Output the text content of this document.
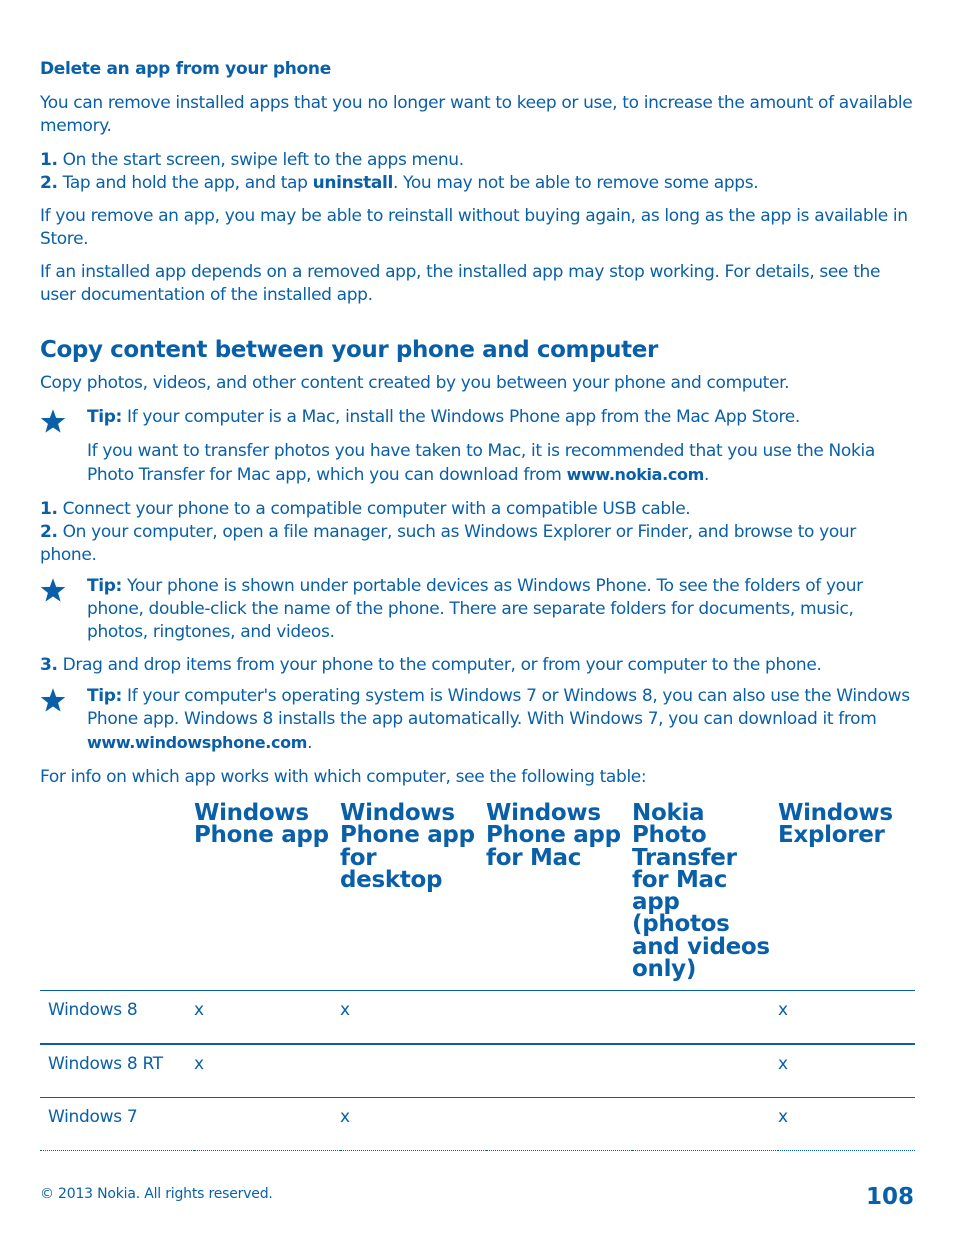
Delete an app from your phone

You can remove installed apps that you no longer want to keep or use, to increase the amount of available memory.

1. On the start screen, swipe left to the apps menu.

2. Tap and hold the app, and tap uninstall. You may not be able to remove some apps.

If you remove an app, you may be able to reinstall without buying again, as long as the app is available in Store.

If an installed app depends on a removed app, the installed app may stop working. For details, see the user documentation of the installed app.

Copy content between your phone and computer

Copy photos, videos, and other content created by you between your phone and computer.

Tip: If your computer is a Mac, install the Windows Phone app from the Mac App Store.

If you want to transfer photos you have taken to Mac, it is recommended that you use the Nokia Photo Transfer for Mac app, which you can download from www.nokia.com.

1. Connect your phone to a compatible computer with a compatible USB cable.

2. On your computer, open a file manager, such as Windows Explorer or Finder, and browse to your phone.

Tip: Your phone is shown under portable devices as Windows Phone. To see the folders of your phone, double-click the name of the phone. There are separate folders for documents, music, photos, ringtones, and videos.

3. Drag and drop items from your phone to the computer, or from your computer to the phone.

Tip: If your computer's operating system is Windows 7 or Windows 8, you can also use the Windows Phone app. Windows 8 installs the app automatically. With Windows 7, you can download it from www.windowsphone.com.

For info on which app works with which computer, see the following table:

	Windows Phone app	Windows Phone app for desktop	Windows Phone app for Mac	Nokia Photo Transfer for Mac app (photos and videos only)	Windows Explorer
Windows 8	x	x			x
Windows 8 RT	x				x
Windows 7		x			x
© 2013 Nokia. All rights reserved.	108
